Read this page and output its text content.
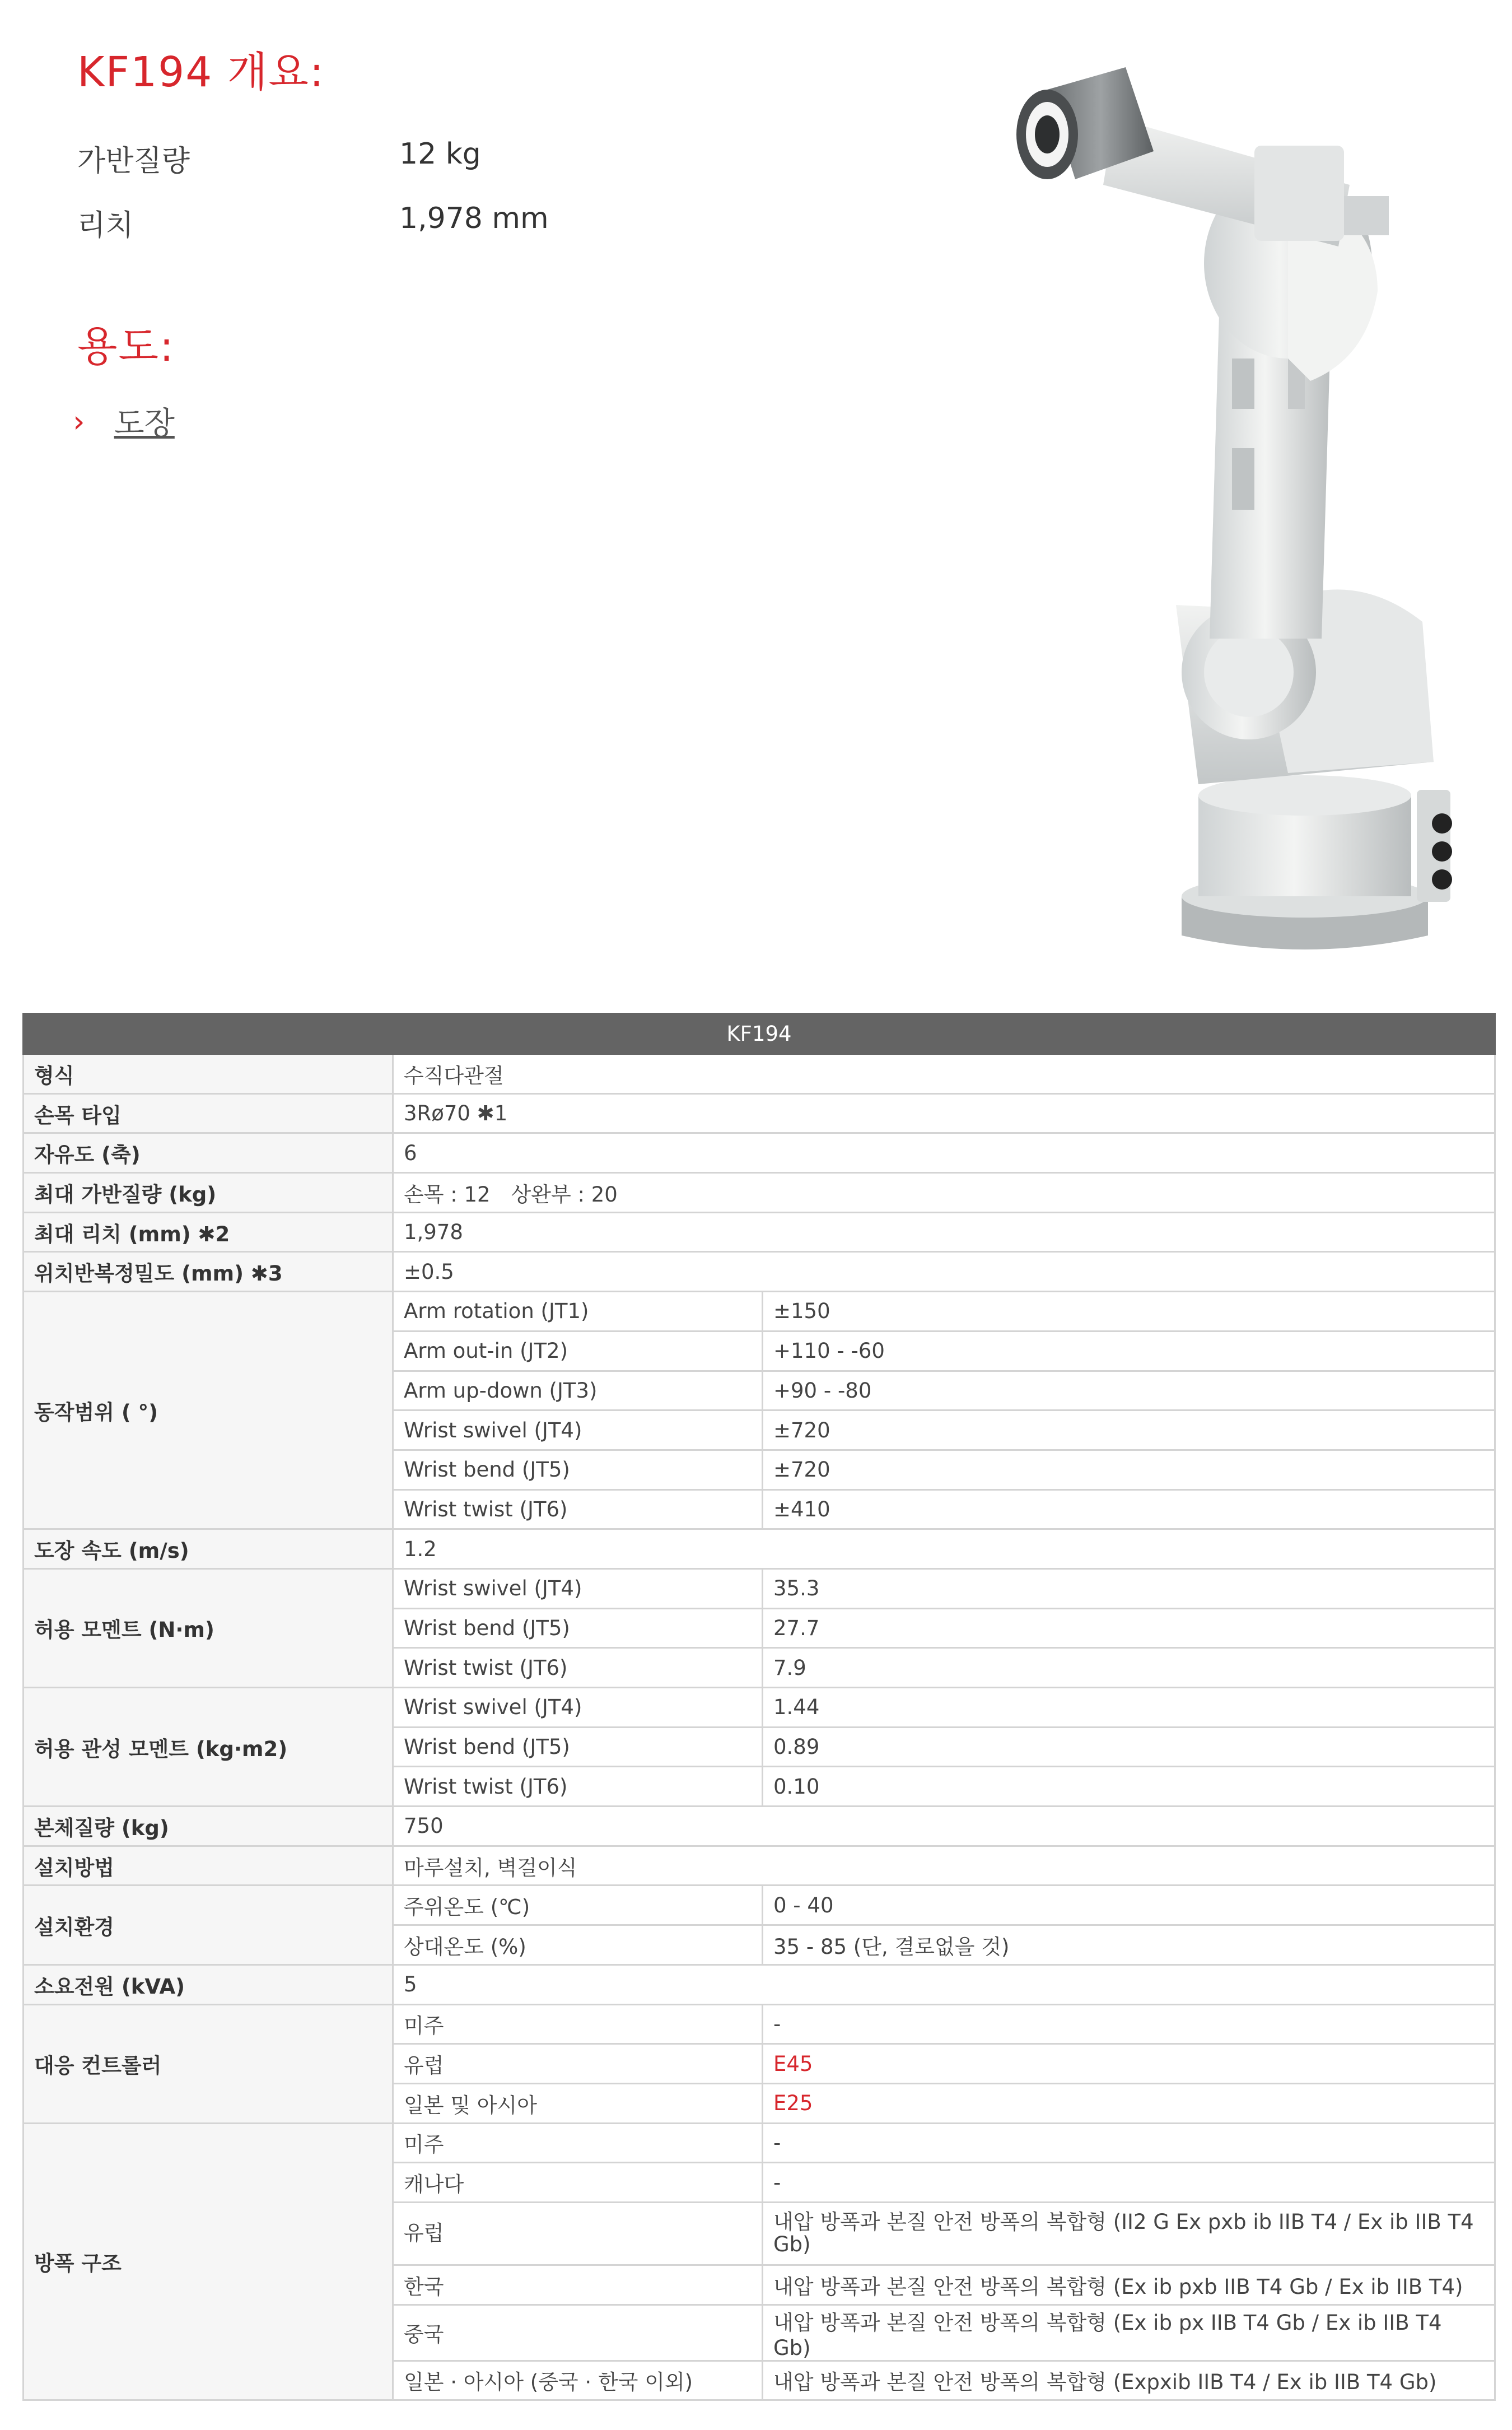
KF194 개요:
가반질량	12 kg
리치	1,978 mm
용도:
› 도장
KF194		
형식	수직다관절	
손목 타입	3Rø70 ✱1	
자유도 (축)	6	
최대 가반질량 (kg)	손목 : 12　상완부 : 20	
최대 리치 (mm) ✱2	1,978	
위치반복정밀도 (mm) ✱3	±0.5	
동작범위 ( °)	Arm rotation (JT1)	±150
	Arm out-in (JT2)	+110 - -60
	Arm up-down (JT3)	+90 - -80
	Wrist swivel (JT4)	±720
	Wrist bend (JT5)	±720
	Wrist twist (JT6)	±410
도장 속도 (m/s)	1.2	
허용 모멘트 (N·m)	Wrist swivel (JT4)	35.3
	Wrist bend (JT5)	27.7
	Wrist twist (JT6)	7.9
허용 관성 모멘트 (kg·m2)	Wrist swivel (JT4)	1.44
	Wrist bend (JT5)	0.89
	Wrist twist (JT6)	0.10
본체질량 (kg)	750	
설치방법	마루설치, 벽걸이식	
설치환경	주위온도 (℃)	0 - 40
	상대온도 (%)	35 - 85 (단, 결로없을 것)
소요전원 (kVA)	5	
대응 컨트롤러	미주	-
	유럽	E45
	일본 및 아시아	E25
방폭 구조	미주	-
	캐나다	-
	유럽	내압 방폭과 본질 안전 방폭의 복합형 (II2 G Ex pxb ib IIB T4 / Ex ib IIB T4 Gb)
	한국	내압 방폭과 본질 안전 방폭의 복합형 (Ex ib pxb IIB T4 Gb / Ex ib IIB T4)
	중국	내압 방폭과 본질 안전 방폭의 복합형 (Ex ib px IIB T4 Gb / Ex ib IIB T4 Gb)
	일본 · 아시아 (중국 · 한국 이외)	내압 방폭과 본질 안전 방폭의 복합형 (Expxib IIB T4 / Ex ib IIB T4 Gb)
